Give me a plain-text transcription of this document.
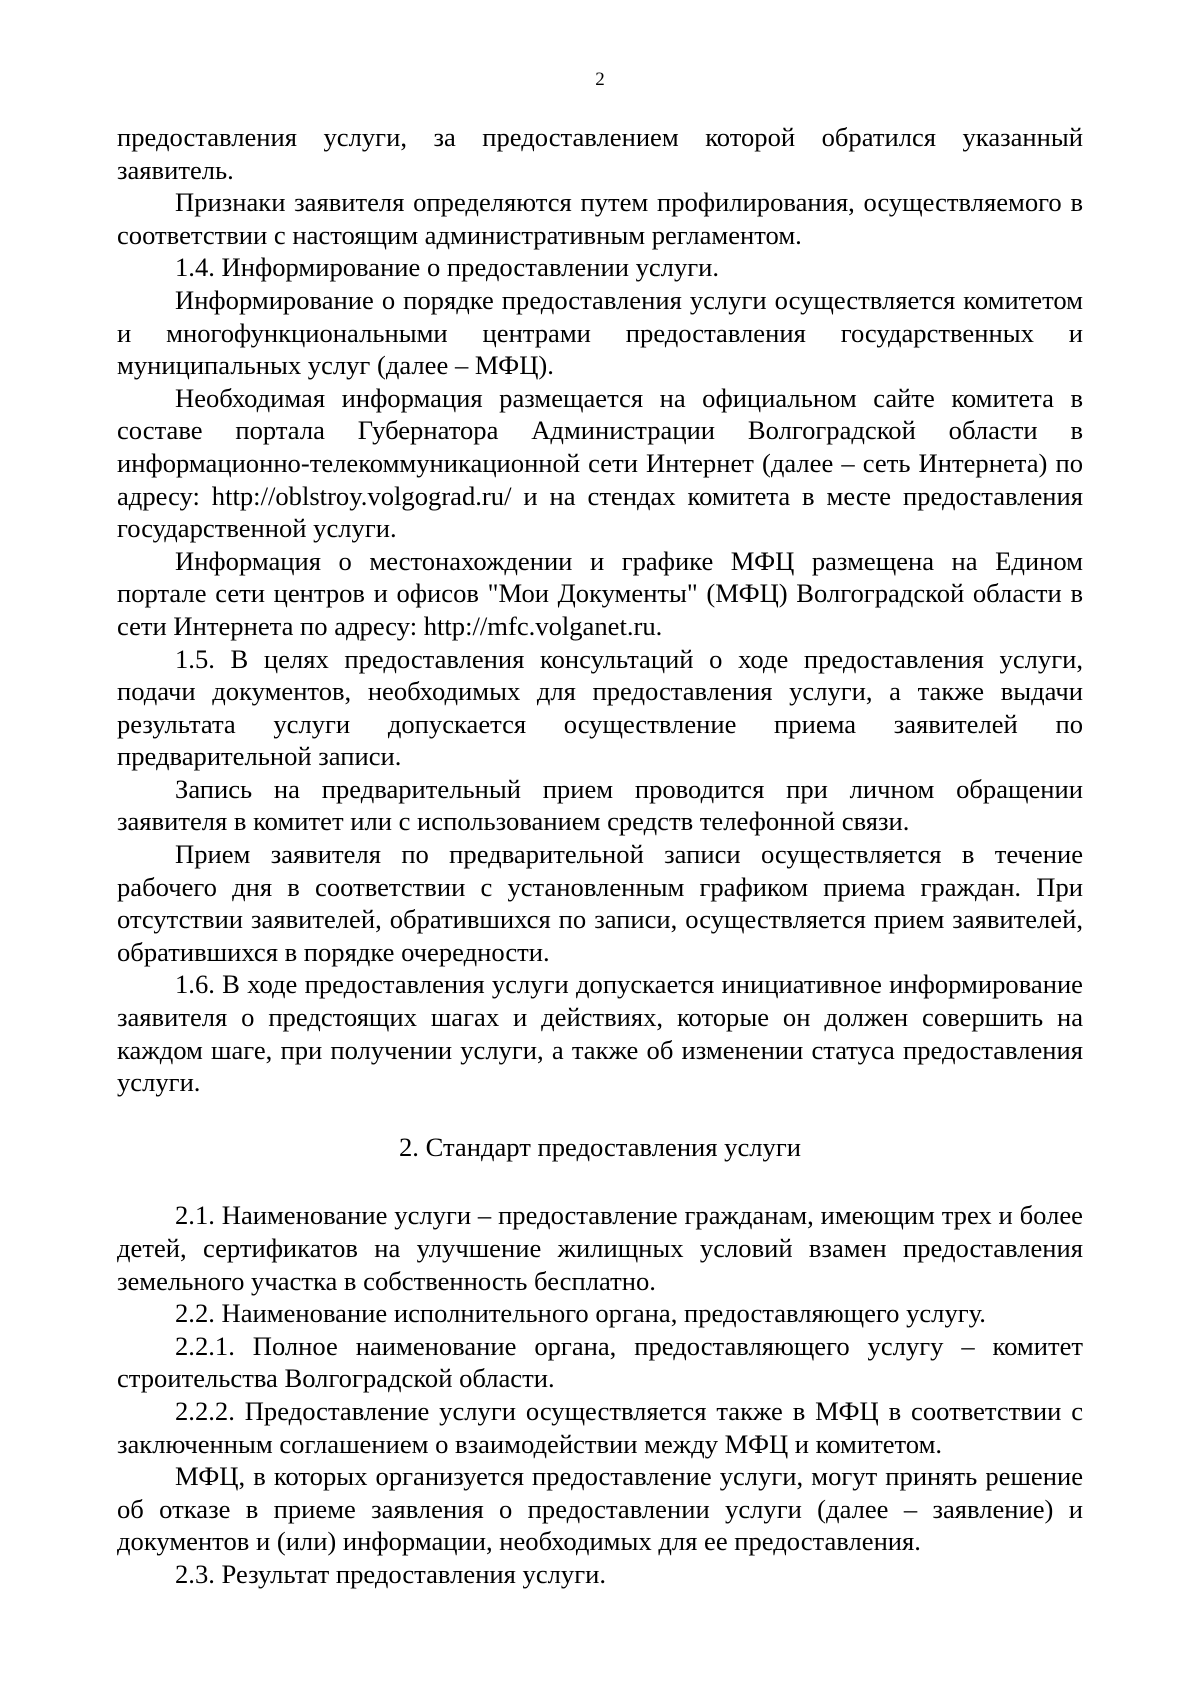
2

предоставления услуги, за предоставлением которой обратился указанный заявитель.

Признаки заявителя определяются путем профилирования, осуществляемого в соответствии с настоящим административным регламентом.

1.4. Информирование о предоставлении услуги.

Информирование о порядке предоставления услуги осуществляется комитетом и многофункциональными центрами предоставления государственных и муниципальных услуг (далее – МФЦ).

Необходимая информация размещается на официальном сайте комитета в составе портала Губернатора Администрации Волгоградской области в информационно-телекоммуникационной сети Интернет (далее – сеть Интернета) по адресу: http://oblstroy.volgograd.ru/ и на стендах комитета в месте предоставления государственной услуги.

Информация о местонахождении и графике МФЦ размещена на Едином портале сети центров и офисов "Мои Документы" (МФЦ) Волгоградской области в сети Интернета по адресу: http://mfc.volganet.ru.

1.5. В целях предоставления консультаций о ходе предоставления услуги, подачи документов, необходимых для предоставления услуги, а также выдачи результата услуги допускается осуществление приема заявителей по предварительной записи.

Запись на предварительный прием проводится при личном обращении заявителя в комитет или с использованием средств телефонной связи.

Прием заявителя по предварительной записи осуществляется в течение рабочего дня в соответствии с установленным графиком приема граждан. При отсутствии заявителей, обратившихся по записи, осуществляется прием заявителей, обратившихся в порядке очередности.

1.6. В ходе предоставления услуги допускается инициативное информирование заявителя о предстоящих шагах и действиях, которые он должен совершить на каждом шаге, при получении услуги, а также об изменении статуса предоставления услуги.

2. Стандарт предоставления услуги

2.1. Наименование услуги – предоставление гражданам, имеющим трех и более детей, сертификатов на улучшение жилищных условий взамен предоставления земельного участка в собственность бесплатно.

2.2. Наименование исполнительного органа, предоставляющего услугу.

2.2.1. Полное наименование органа, предоставляющего услугу – комитет строительства Волгоградской области.

2.2.2. Предоставление услуги осуществляется также в МФЦ в соответствии с заключенным соглашением о взаимодействии между МФЦ и комитетом.

МФЦ, в которых организуется предоставление услуги, могут принять решение об отказе в приеме заявления о предоставлении услуги (далее – заявление) и документов и (или) информации, необходимых для ее предоставления.

2.3. Результат предоставления услуги.
